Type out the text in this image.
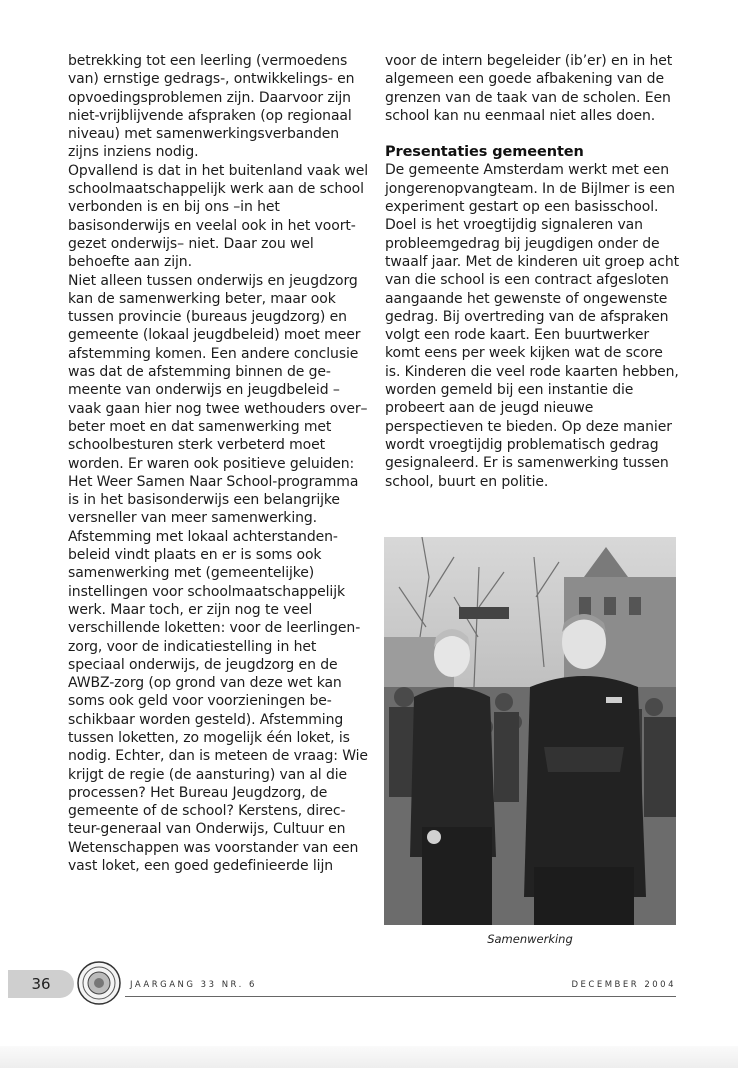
betrekking tot een leerling (vermoedens van) ernstige gedrags-, ontwikkelings- en opvoedingsproblemen zijn. Daarvoor zijn niet-vrijblijvende afspraken (op regionaal niveau) met samenwerkingsverbanden zijns inziens nodig.

Opvallend is dat in het buitenland vaak wel schoolmaatschappelijk werk aan de school verbonden is en bij ons –in het basisonderwijs en veelal ook in het voortgezet onderwijs– niet. Daar zou wel behoefte aan zijn.

Niet alleen tussen onderwijs en jeugdzorg kan de samenwerking beter, maar ook tussen provincie (bureaus jeugdzorg) en gemeente (lokaal jeugdbeleid) moet meer afstemming komen. Een andere conclusie was dat de afstemming binnen de gemeente van onderwijs en jeugdbeleid –vaak gaan hier nog twee wethouders over– beter moet en dat samenwerking met schoolbesturen sterk verbeterd moet worden. Er waren ook positieve geluiden: Het Weer Samen Naar School-programma is in het basisonderwijs een belangrijke versneller van meer samenwerking. Afstemming met lokaal achterstandenbeleid vindt plaats en er is soms ook samenwerking met (gemeentelijke) instellingen voor schoolmaatschappelijk werk. Maar toch, er zijn nog te veel verschillende loketten: voor de leerlingenzorg, voor de indicatiestelling in het speciaal onderwijs, de jeugdzorg en de AWBZ-zorg (op grond van deze wet kan soms ook geld voor voorzieningen beschikbaar worden gesteld). Afstemming tussen loketten, zo mogelijk één loket, is nodig. Echter, dan is meteen de vraag: Wie krijgt de regie (de aansturing) van al die processen? Het Bureau Jeugdzorg, de gemeente of de school? Kerstens, directeur-generaal van Onderwijs, Cultuur en Wetenschappen was voorstander van een vast loket, een goed gedefinieerde lijn

voor de intern begeleider (ib’er) en in het algemeen een goede afbakening van de grenzen van de taak van de scholen. Een school kan nu eenmaal niet alles doen.

Presentaties gemeenten

De gemeente Amsterdam werkt met een jongerenopvangteam. In de Bijlmer is een experiment gestart op een basisschool. Doel is het vroegtijdig signaleren van probleemgedrag bij jeugdigen onder de twaalf jaar. Met de kinderen uit groep acht van die school is een contract afgesloten aangaande het gewenste of ongewenste gedrag. Bij overtreding van de afspraken volgt een rode kaart. Een buurtwerker komt eens per week kijken wat de score is. Kinderen die veel rode kaarten hebben, worden gemeld bij een instantie die probeert aan de jeugd nieuwe perspectieven te bieden. Op deze manier wordt vroegtijdig problematisch gedrag gesignaleerd. Er is samenwerking tussen school, buurt en politie.

Samenwerking
36	JAARGANG 33 NR. 6	DECEMBER 2004
